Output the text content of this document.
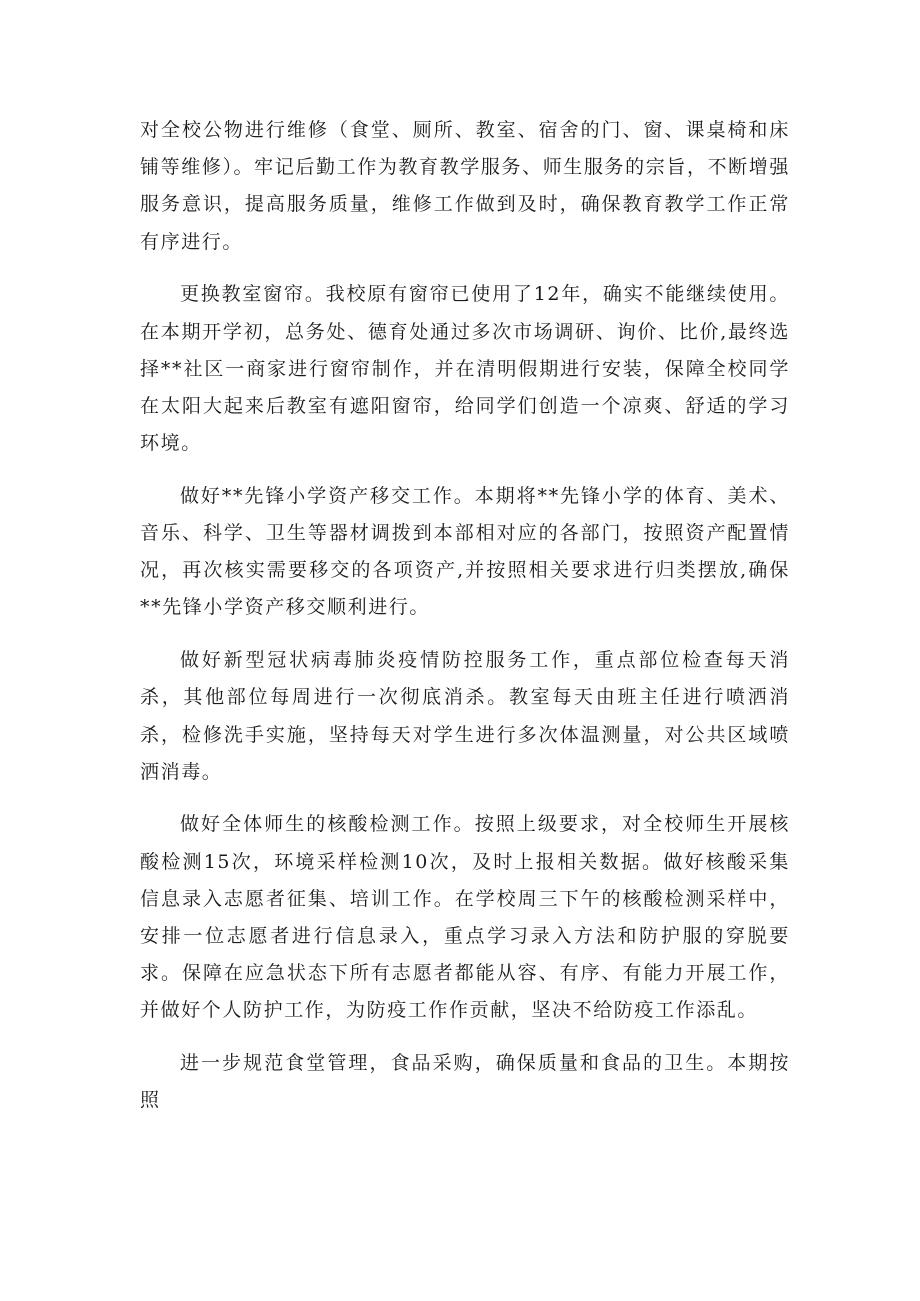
对全校公物进行维修（食堂、厕所、教室、宿舍的门、窗、课桌椅和床铺等维修）。牢记后勤工作为教育教学服务、师生服务的宗旨，不断增强服务意识，提高服务质量，维修工作做到及时，确保教育教学工作正常有序进行。

更换教室窗帘。我校原有窗帘已使用了12年，确实不能继续使用。在本期开学初，总务处、德育处通过多次市场调研、询价、比价,最终选择**社区一商家进行窗帘制作，并在清明假期进行安装，保障全校同学在太阳大起来后教室有遮阳窗帘，给同学们创造一个凉爽、舒适的学习环境。

做好**先锋小学资产移交工作。本期将**先锋小学的体育、美术、音乐、科学、卫生等器材调拨到本部相对应的各部门，按照资产配置情况，再次核实需要移交的各项资产,并按照相关要求进行归类摆放,确保**先锋小学资产移交顺利进行。

做好新型冠状病毒肺炎疫情防控服务工作，重点部位检查每天消杀，其他部位每周进行一次彻底消杀。教室每天由班主任进行喷洒消杀，检修洗手实施，坚持每天对学生进行多次体温测量，对公共区域喷洒消毒。

做好全体师生的核酸检测工作。按照上级要求，对全校师生开展核酸检测15次，环境采样检测10次，及时上报相关数据。做好核酸采集信息录入志愿者征集、培训工作。在学校周三下午的核酸检测采样中，安排一位志愿者进行信息录入，重点学习录入方法和防护服的穿脱要求。保障在应急状态下所有志愿者都能从容、有序、有能力开展工作，并做好个人防护工作，为防疫工作作贡献，坚决不给防疫工作添乱。

进一步规范食堂管理，食品采购，确保质量和食品的卫生。本期按照
